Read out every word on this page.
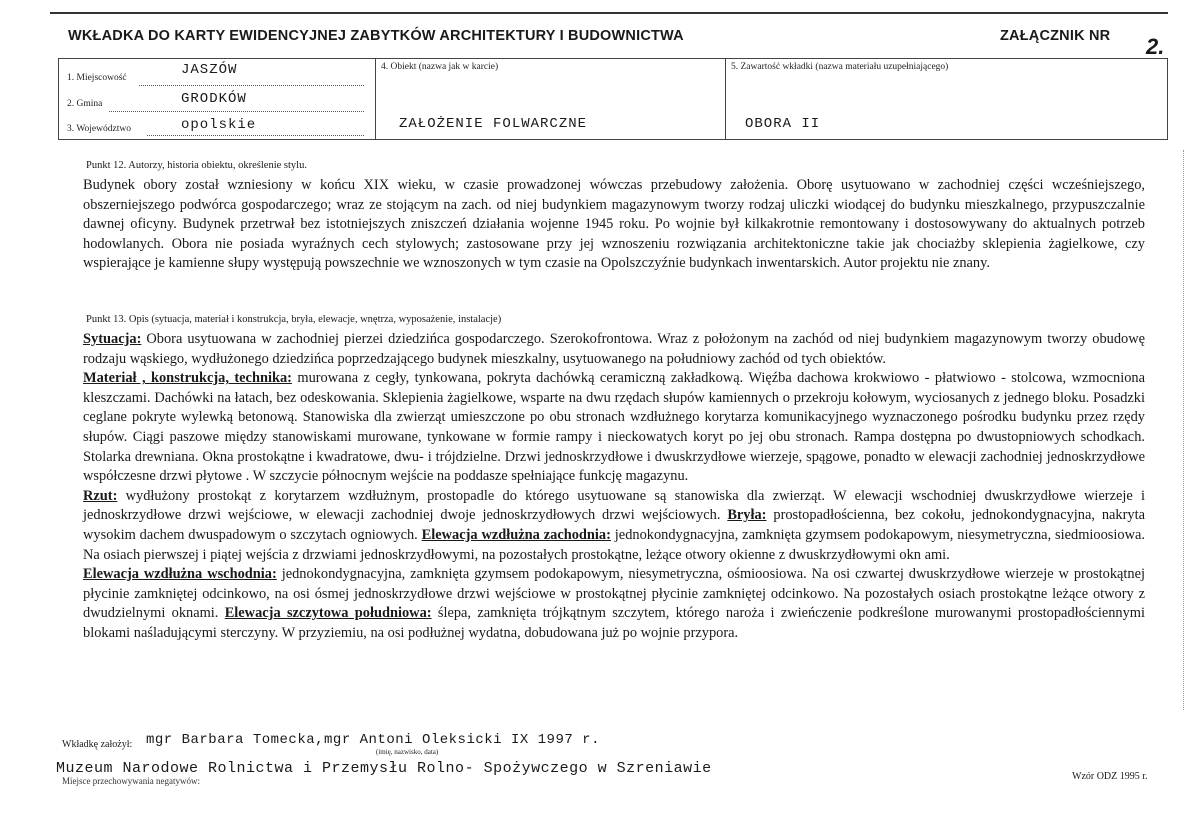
WKŁADKA DO KARTY EWIDENCYJNEJ ZABYTKÓW ARCHITEKTURY I BUDOWNICTWA	ZAŁĄCZNIK NR 2.
1. Miejscowość	JASZÓW
2. Gmina	GRODKÓW
3. Województwo	opolskie
4. Obiekt (nazwa jak w karcie)
ZAŁOŻENIE FOLWARCZNE
5. Zawartość wkładki (nazwa materiału uzupełniającego)
OBORA II
Punkt 12. Autorzy, historia obiektu, określenie stylu.

Budynek obory został wzniesiony w końcu XIX wieku, w czasie prowadzonej wówczas przebudowy założenia. Oborę usytuowano w zachodniej części wcześniejszego, obszerniejszego podwórca gospodarczego; wraz ze stojącym na zach. od niej budynkiem magazynowym tworzy rodzaj uliczki wiodącej do budynku mieszkalnego, przypuszczalnie dawnej oficyny. Budynek przetrwał bez istotniejszych zniszczeń działania wojenne 1945 roku. Po wojnie był kilkakrotnie remontowany i dostosowywany do aktualnych potrzeb hodowlanych. Obora nie posiada wyraźnych cech stylowych; zastosowane przy jej wznoszeniu rozwiązania architektoniczne takie jak chociażby sklepienia żagielkowe, czy wspierające je kamienne słupy występują powszechnie we wznoszonych w tym czasie na Opolszczyźnie budynkach inwentarskich. Autor projektu nie znany.

Punkt 13. Opis (sytuacja, materiał i konstrukcja, bryła, elewacje, wnętrza, wyposażenie, instalacje)

Sytuacja: Obora usytuowana w zachodniej pierzei dziedzińca gospodarczego. Szerokofrontowa. Wraz z położonym na zachód od niej budynkiem magazynowym tworzy obudowę rodzaju wąskiego, wydłużonego dziedzińca poprzedzającego budynek mieszkalny, usytuowanego na południowy zachód od tych obiektów.

Materiał , konstrukcja, technika: murowana z cegły, tynkowana, pokryta dachówką ceramiczną zakładkową. Więźba dachowa krokwiowo - płatwiowo - stolcowa, wzmocniona kleszczami. Dachówki na łatach, bez odeskowania. Sklepienia żagielkowe, wsparte na dwu rzędach słupów kamiennych o przekroju kołowym, wyciosanych z jednego bloku. Posadzki ceglane pokryte wylewką betonową. Stanowiska dla zwierząt umieszczone po obu stronach wzdłużnego korytarza komunikacyjnego wyznaczonego pośrodku budynku przez rzędy słupów. Ciągi paszowe między stanowiskami murowane, tynkowane w formie rampy i nieckowatych koryt po jej obu stronach. Rampa dostępna po dwustopniowych schodkach. Stolarka drewniana. Okna prostokątne i kwadratowe, dwu- i trójdzielne. Drzwi jednoskrzydłowe i dwuskrzydłowe wierzeje, spągowe, ponadto w elewacji zachodniej jednoskrzydłowe współczesne drzwi płytowe . W szczycie północnym wejście na poddasze spełniające funkcję magazynu.

Rzut: wydłużony prostokąt z korytarzem wzdłużnym, prostopadle do którego usytuowane są stanowiska dla zwierząt. W elewacji wschodniej dwuskrzydłowe wierzeje i jednoskrzydłowe drzwi wejściowe, w elewacji zachodniej dwoje jednoskrzydłowych drzwi wejściowych. Bryła: prostopadłościenna, bez cokołu, jednokondygnacyjna, nakryta wysokim dachem dwuspadowym o szczytach ogniowych. Elewacja wzdłużna zachodnia: jednokondygnacyjna, zamknięta gzymsem podokapowym, niesymetryczna, siedmioosiowa. Na osiach pierwszej i piątej wejścia z drzwiami jednoskrzydłowymi, na pozostałych prostokątne, leżące otwory okienne z dwuskrzydłowymi okn ami.

Elewacja wzdłużna wschodnia: jednokondygnacyjna, zamknięta gzymsem podokapowym, niesymetryczna, ośmioosiowa. Na osi czwartej dwuskrzydłowe wierzeje w prostokątnej płycinie zamkniętej odcinkowo, na osi ósmej jednoskrzydłowe drzwi wejściowe w prostokątnej płycinie zamkniętej odcinkowo. Na pozostałych osiach prostokątne leżące otwory z dwudzielnymi oknami. Elewacja szczytowa południowa: ślepa, zamknięta trójkątnym szczytem, którego naroża i zwieńczenie podkreślone murowanymi prostopadłościennymi blokami naśladującymi sterczyny. W przyziemiu, na osi podłużnej wydatna, dobudowana już po wojnie przypora.

Wkładkę założył: mgr Barbara Tomecka,mgr Antoni Oleksicki IX 1997 r.
(imię, nazwisko, data)
Muzeum Narodowe Rolnictwa i Przemysłu Rolno- Spożywczego w Szreniawie
Miejsce przechowywania negatywów:	Wzór ODZ 1995 r.
